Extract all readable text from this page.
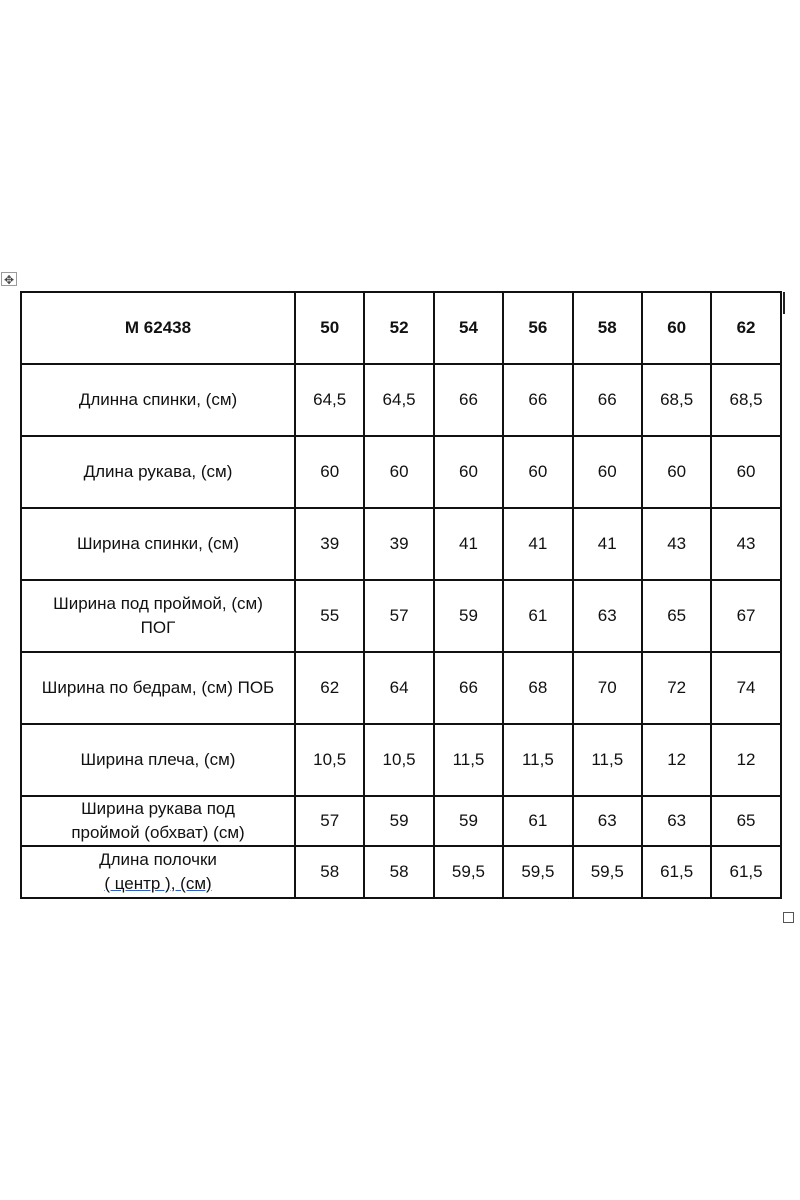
✥
M 62438	50	52	54	56	58	60	62

Длинна спинки, (см)	64,5	64,5	66	66	66	68,5	68,5

Длина рукава, (см)	60	60	60	60	60	60	60

Ширина спинки, (см)	39	39	41	41	41	43	43

Ширина под проймой, (см)
ПОГ	55	57	59	61	63	65	67

Ширина по бедрам, (см) ПОБ	62	64	66	68	70	72	74

Ширина плеча, (см)	10,5	10,5	11,5	11,5	11,5	12	12

Ширина рукава под
проймой (обхват) (см)	57	59	59	61	63	63	65

Длина полочки
( центр ), (см)	58	58	59,5	59,5	59,5	61,5	61,5
